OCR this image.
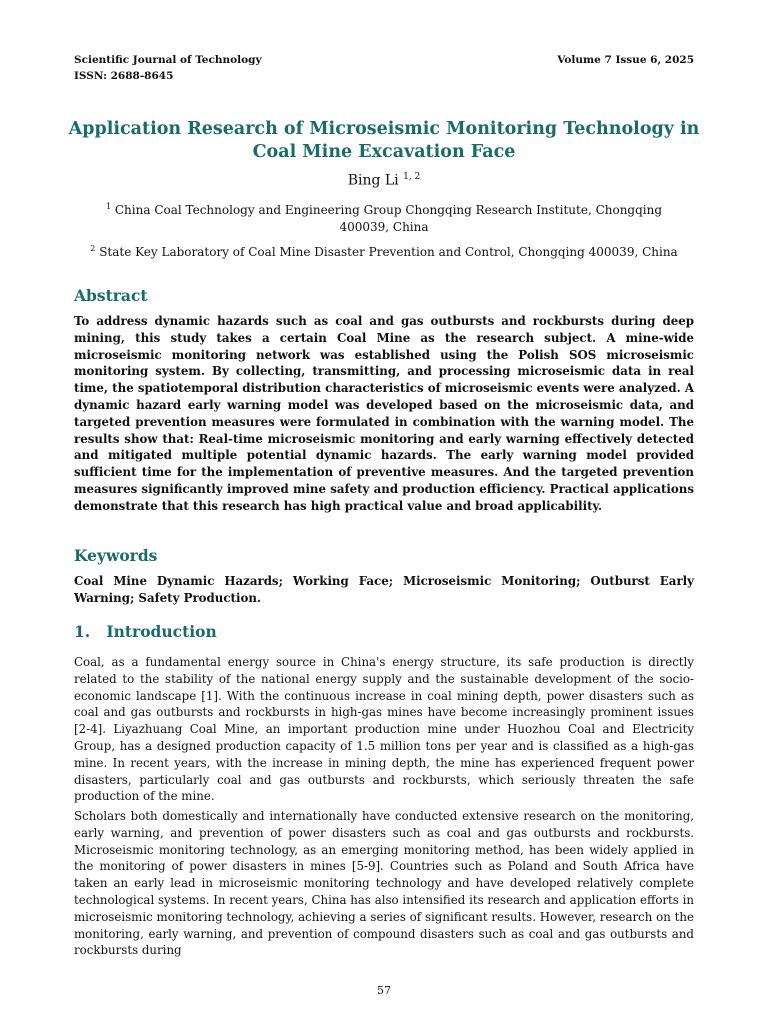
Scientific Journal of Technology	Volume 7 Issue 6, 2025
ISSN: 2688-8645
Application Research of Microseismic Monitoring Technology in Coal Mine Excavation Face
Bing Li $^{1, 2}$
$^1$ China Coal Technology and Engineering Group Chongqing Research Institute, Chongqing 400039, China
$^2$ State Key Laboratory of Coal Mine Disaster Prevention and Control, Chongqing 400039, China
Abstract
To address dynamic hazards such as coal and gas outbursts and rockbursts during deep mining, this study takes a certain Coal Mine as the research subject. A mine-wide microseismic monitoring network was established using the Polish SOS microseismic monitoring system. By collecting, transmitting, and processing microseismic data in real time, the spatiotemporal distribution characteristics of microseismic events were analyzed. A dynamic hazard early warning model was developed based on the microseismic data, and targeted prevention measures were formulated in combination with the warning model. The results show that: Real-time microseismic monitoring and early warning effectively detected and mitigated multiple potential dynamic hazards. The early warning model provided sufficient time for the implementation of preventive measures. And the targeted prevention measures significantly improved mine safety and production efficiency. Practical applications demonstrate that this research has high practical value and broad applicability.
Keywords
Coal Mine Dynamic Hazards; Working Face; Microseismic Monitoring; Outburst Early Warning; Safety Production.
1.   Introduction
Coal, as a fundamental energy source in China's energy structure, its safe production is directly related to the stability of the national energy supply and the sustainable development of the socio-economic landscape [1]. With the continuous increase in coal mining depth, power disasters such as coal and gas outbursts and rockbursts in high-gas mines have become increasingly prominent issues [2-4]. Liyazhuang Coal Mine, an important production mine under Huozhou Coal and Electricity Group, has a designed production capacity of 1.5 million tons per year and is classified as a high-gas mine. In recent years, with the increase in mining depth, the mine has experienced frequent power disasters, particularly coal and gas outbursts and rockbursts, which seriously threaten the safe production of the mine.
Scholars both domestically and internationally have conducted extensive research on the monitoring, early warning, and prevention of power disasters such as coal and gas outbursts and rockbursts. Microseismic monitoring technology, as an emerging monitoring method, has been widely applied in the monitoring of power disasters in mines [5-9]. Countries such as Poland and South Africa have taken an early lead in microseismic monitoring technology and have developed relatively complete technological systems. In recent years, China has also intensified its research and application efforts in microseismic monitoring technology, achieving a series of significant results. However, research on the monitoring, early warning, and prevention of compound disasters such as coal and gas outbursts and rockbursts during
57
